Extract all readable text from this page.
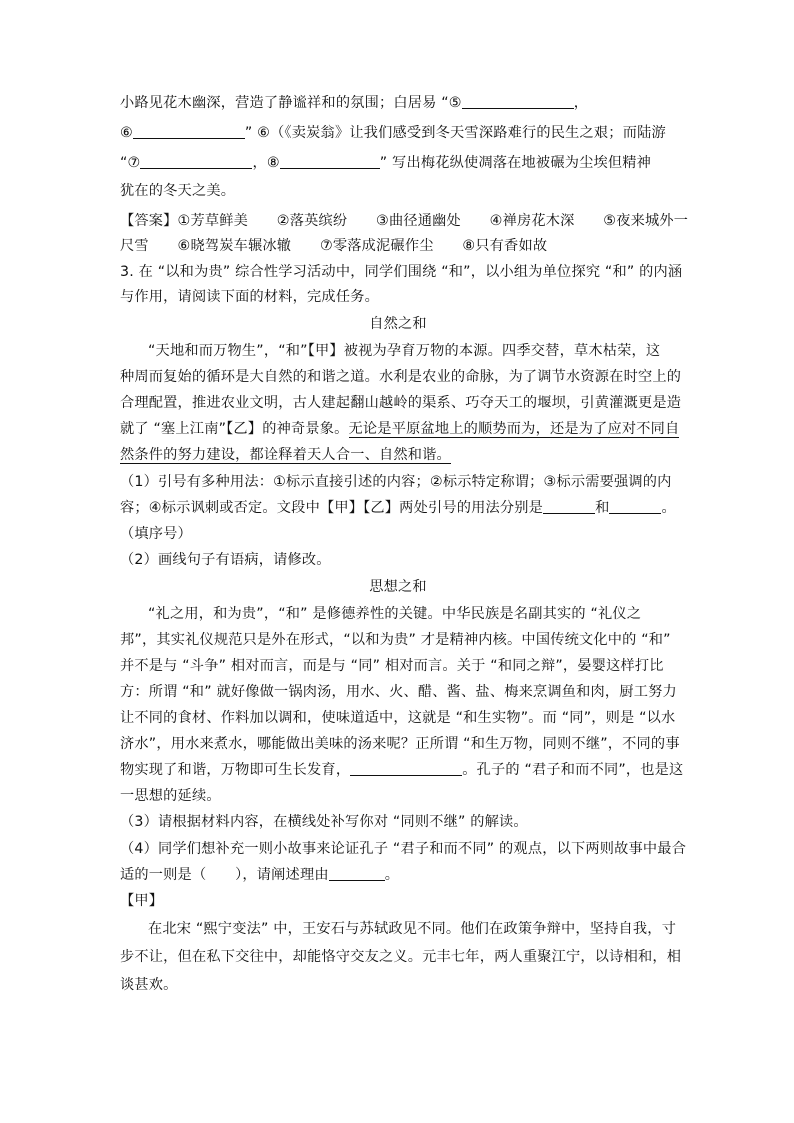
小路见花木幽深，营造了静谧祥和的氛围；白居易 “⑤	，
⑥	” ⑥（《卖炭翁》让我们感受到冬天雪深路难行的民生之艰；而陆游
“⑦	，⑧	” 写出梅花纵使凋落在地被碾为尘埃但精神
犹在的冬天之美。
【答案】①芳草鲜美　　②落英缤纷　　③曲径通幽处　　④禅房花木深　　⑤夜来城外一
尺雪　　⑥晓驾炭车辗冰辙　　⑦零落成泥碾作尘　　⑧只有香如故
3. 在 “以和为贵” 综合性学习活动中，同学们围绕 “和”，以小组为单位探究 “和” 的内涵
与作用，请阅读下面的材料，完成任务。
自然之和
“天地和而万物生”，“和”【甲】被视为孕育万物的本源。四季交替，草木枯荣，这
种周而复始的循环是大自然的和谐之道。水利是农业的命脉，为了调节水资源在时空上的
合理配置，推进农业文明，古人建起翻山越岭的渠系、巧夺天工的堰坝，引黄灌溉更是造
就了 “塞上江南”【乙】的神奇景象。无论是平原盆地上的顺势而为，还是为了应对不同自
然条件的努力建设，都诠释着天人合一、自然和谐。
（1）引号有多种用法：①标示直接引述的内容；②标示特定称谓；③标示需要强调的内
容；④标示讽刺或否定。文段中【甲】【乙】两处引号的用法分别是	和	。
（填序号）
（2）画线句子有语病，请修改。
思想之和
“礼之用，和为贵”，“和” 是修德养性的关键。中华民族是名副其实的 “礼仪之
邦”，其实礼仪规范只是外在形式，“以和为贵” 才是精神内核。中国传统文化中的 “和”
并不是与 “斗争” 相对而言，而是与 “同” 相对而言。关于 “和同之辩”，晏婴这样打比
方：所谓 “和” 就好像做一锅肉汤，用水、火、醋、酱、盐、梅来烹调鱼和肉，厨工努力
让不同的食材、作料加以调和，使味道适中，这就是 “和生实物”。而 “同”，则是 “以水
济水”，用水来煮水，哪能做出美味的汤来呢？正所谓 “和生万物，同则不继”，不同的事
物实现了和谐，万物即可生长发育，	。孔子的 “君子和而不同”，也是这
一思想的延续。
（3）请根据材料内容，在横线处补写你对 “同则不继” 的解读。
（4）同学们想补充一则小故事来论证孔子 “君子和而不同” 的观点，以下两则故事中最合
适的一则是（　　），请阐述理由	。
【甲】
在北宋 “熙宁变法” 中，王安石与苏轼政见不同。他们在政策争辩中，坚持自我，寸
步不让，但在私下交往中，却能恪守交友之义。元丰七年，两人重聚江宁，以诗相和，相
谈甚欢。
